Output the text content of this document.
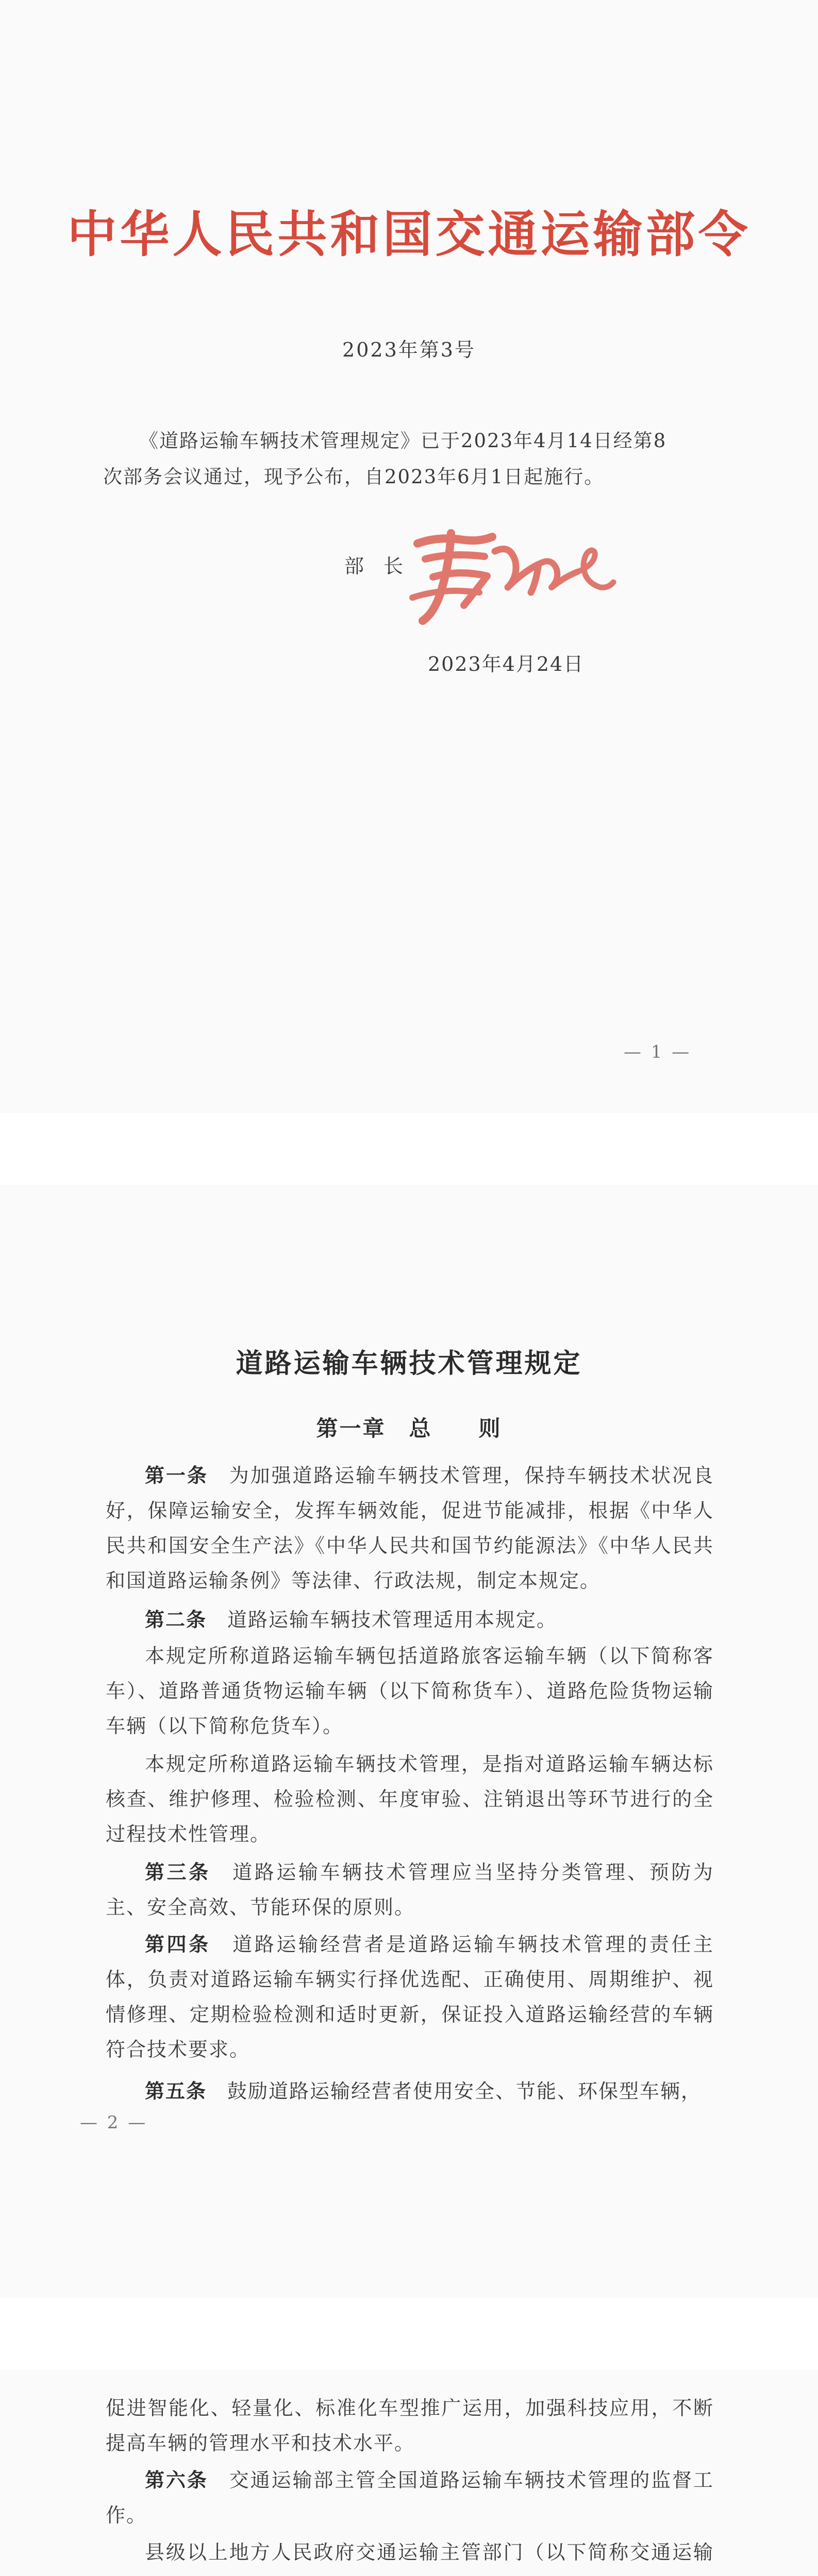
中华人民共和国交通运输部令
2023年第3号
《道路运输车辆技术管理规定》已于2023年4月14日经第8
次部务会议通过，现予公布，自2023年6月1日起施行。
部　长
2023年4月24日
— 1 —
道路运输车辆技术管理规定
第一章　总　　则
第一条　 为加强道路运输车辆技术管理，保持车辆技术状况良好，保障运输安全，发挥车辆效能，促进节能减排，根据《中华人民共和国安全生产法》《中华人民共和国节约能源法》《中华人民共和国道路运输条例》等法律、行政法规，制定本规定。
第二条　 道路运输车辆技术管理适用本规定。
本规定所称道路运输车辆包括道路旅客运输车辆（以下简称客车）、道路普通货物运输车辆（以下简称货车）、道路危险货物运输车辆（以下简称危货车）。
本规定所称道路运输车辆技术管理，是指对道路运输车辆达标核查、维护修理、检验检测、年度审验、注销退出等环节进行的全过程技术性管理。
第三条　 道路运输车辆技术管理应当坚持分类管理、预防为主、安全高效、节能环保的原则。
第四条　 道路运输经营者是道路运输车辆技术管理的责任主体，负责对道路运输车辆实行择优选配、正确使用、周期维护、视情修理、定期检验检测和适时更新，保证投入道路运输经营的车辆符合技术要求。
第五条　 鼓励道路运输经营者使用安全、节能、环保型车辆，
— 2 —
促进智能化、轻量化、标准化车型推广运用，加强科技应用，不断提高车辆的管理水平和技术水平。
第六条　 交通运输部主管全国道路运输车辆技术管理的监督工作。
县级以上地方人民政府交通运输主管部门（以下简称交通运输
